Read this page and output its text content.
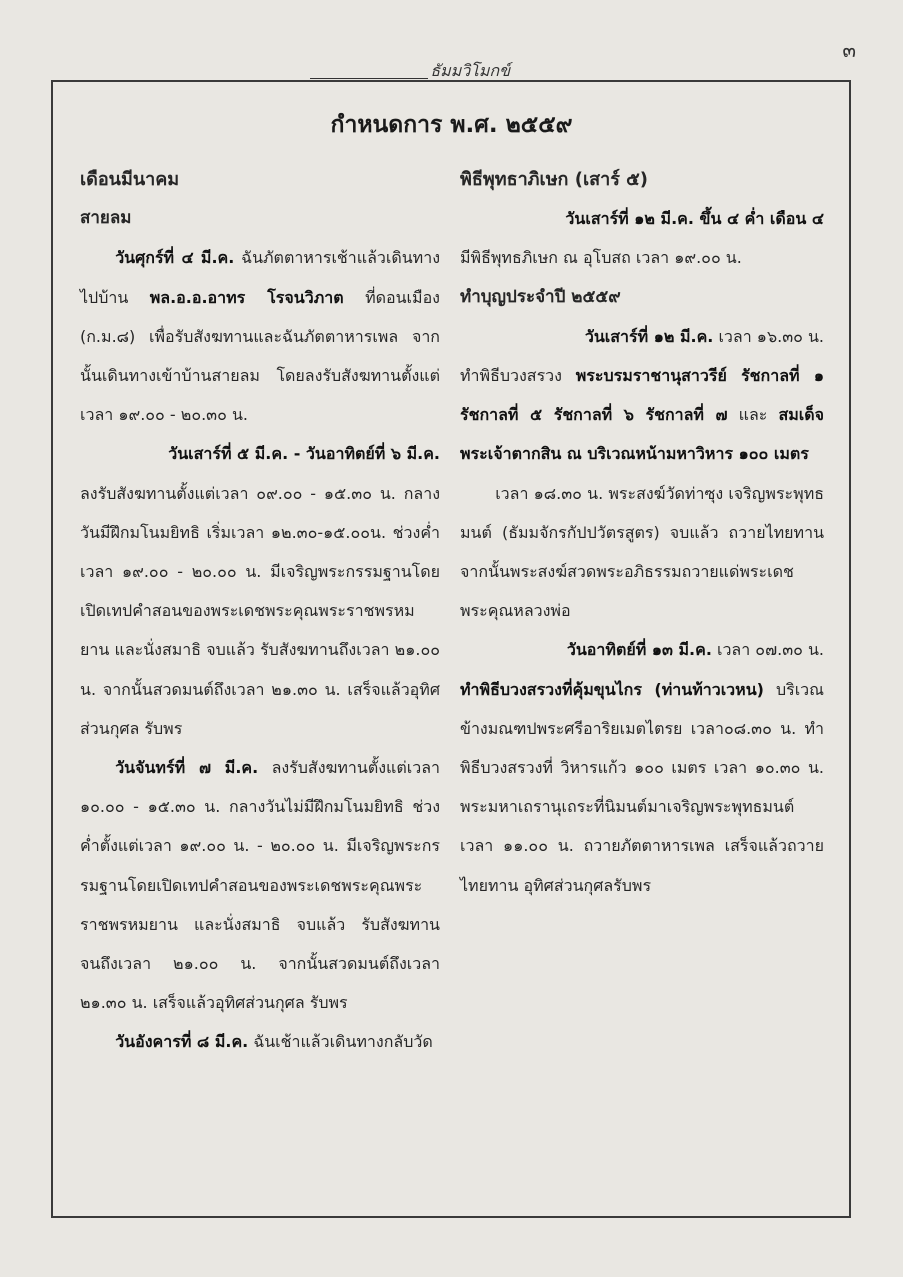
๓
ธัมมวิโมกข์
กำหนดการ พ.ศ. ๒๕๕๙

เดือนมีนาคม

สายลม

วันศุกร์ที่ ๔ มี.ค. ฉันภัตตาหารเช้าแล้วเดินทางไปบ้าน พล.อ.อ.อาทร โรจนวิภาต ที่ดอนเมือง (ก.ม.๘) เพื่อรับสังฆทานและฉันภัตตาหารเพล จากนั้นเดินทางเข้าบ้านสายลม โดยลงรับสังฆทานตั้งแต่เวลา ๑๙.๐๐ - ๒๐.๓๐ น.

วันเสาร์ที่ ๕ มี.ค. - วันอาทิตย์ที่ ๖ มี.ค.

ลงรับสังฆทานตั้งแต่เวลา ๐๙.๐๐ - ๑๕.๓๐ น. กลางวันมีฝึกมโนมยิทธิ เริ่มเวลา ๑๒.๓๐-๑๕.๐๐น. ช่วงค่ำ เวลา ๑๙.๐๐ - ๒๐.๐๐ น. มีเจริญพระกรรมฐานโดยเปิดเทปคำสอนของพระเดชพระคุณพระราชพรหมยาน และนั่งสมาธิ จบแล้ว รับสังฆทานถึงเวลา ๒๑.๐๐ น. จากนั้นสวดมนต์ถึงเวลา ๒๑.๓๐ น. เสร็จแล้วอุทิศส่วนกุศล รับพร

วันจันทร์ที่ ๗ มี.ค. ลงรับสังฆทานตั้งแต่เวลา ๑๐.๐๐ - ๑๕.๓๐ น. กลางวันไม่มีฝึกมโนมยิทธิ ช่วงค่ำตั้งแต่เวลา ๑๙.๐๐ น. - ๒๐.๐๐ น. มีเจริญพระกรรมฐานโดยเปิดเทปคำสอนของพระเดชพระคุณพระราชพรหมยาน และนั่งสมาธิ จบแล้ว รับสังฆทานจนถึงเวลา ๒๑.๐๐ น. จากนั้นสวดมนต์ถึงเวลา ๒๑.๓๐ น. เสร็จแล้วอุทิศส่วนกุศล รับพร

วันอังคารที่ ๘ มี.ค. ฉันเช้าแล้วเดินทางกลับวัด

พิธีพุทธาภิเษก (เสาร์ ๕)

วันเสาร์ที่ ๑๒ มี.ค. ขึ้น ๔ ค่ำ เดือน ๔

มีพิธีพุทธภิเษก ณ อุโบสถ เวลา ๑๙.๐๐ น.

ทำบุญประจำปี ๒๕๕๙

วันเสาร์ที่ ๑๒ มี.ค. เวลา ๑๖.๓๐ น.

ทำพิธีบวงสรวง พระบรมราชานุสาวรีย์ รัชกาลที่ ๑ รัชกาลที่ ๕ รัชกาลที่ ๖ รัชกาลที่ ๗ และ สมเด็จพระเจ้าตากสิน ณ บริเวณหน้ามหาวิหาร ๑๐๐ เมตร

เวลา ๑๘.๓๐ น. พระสงฆ์วัดท่าซุง เจริญพระพุทธมนต์ (ธัมมจักรกัปปวัตรสูตร) จบแล้ว ถวายไทยทาน จากนั้นพระสงฆ์สวดพระอภิธรรมถวายแด่พระเดชพระคุณหลวงพ่อ

วันอาทิตย์ที่ ๑๓ มี.ค. เวลา ๐๗.๓๐ น.

ทำพิธีบวงสรวงที่คุ้มขุนไกร (ท่านท้าวเวหน) บริเวณข้างมณฑปพระศรีอาริยเมตไตรย เวลา๐๘.๓๐ น. ทำพิธีบวงสรวงที่ วิหารแก้ว ๑๐๐ เมตร เวลา ๑๐.๓๐ น. พระมหาเถรานุเถระที่นิมนต์มาเจริญพระพุทธมนต์ เวลา ๑๑.๐๐ น. ถวายภัตตาหารเพล เสร็จแล้วถวายไทยทาน อุทิศส่วนกุศลรับพร
